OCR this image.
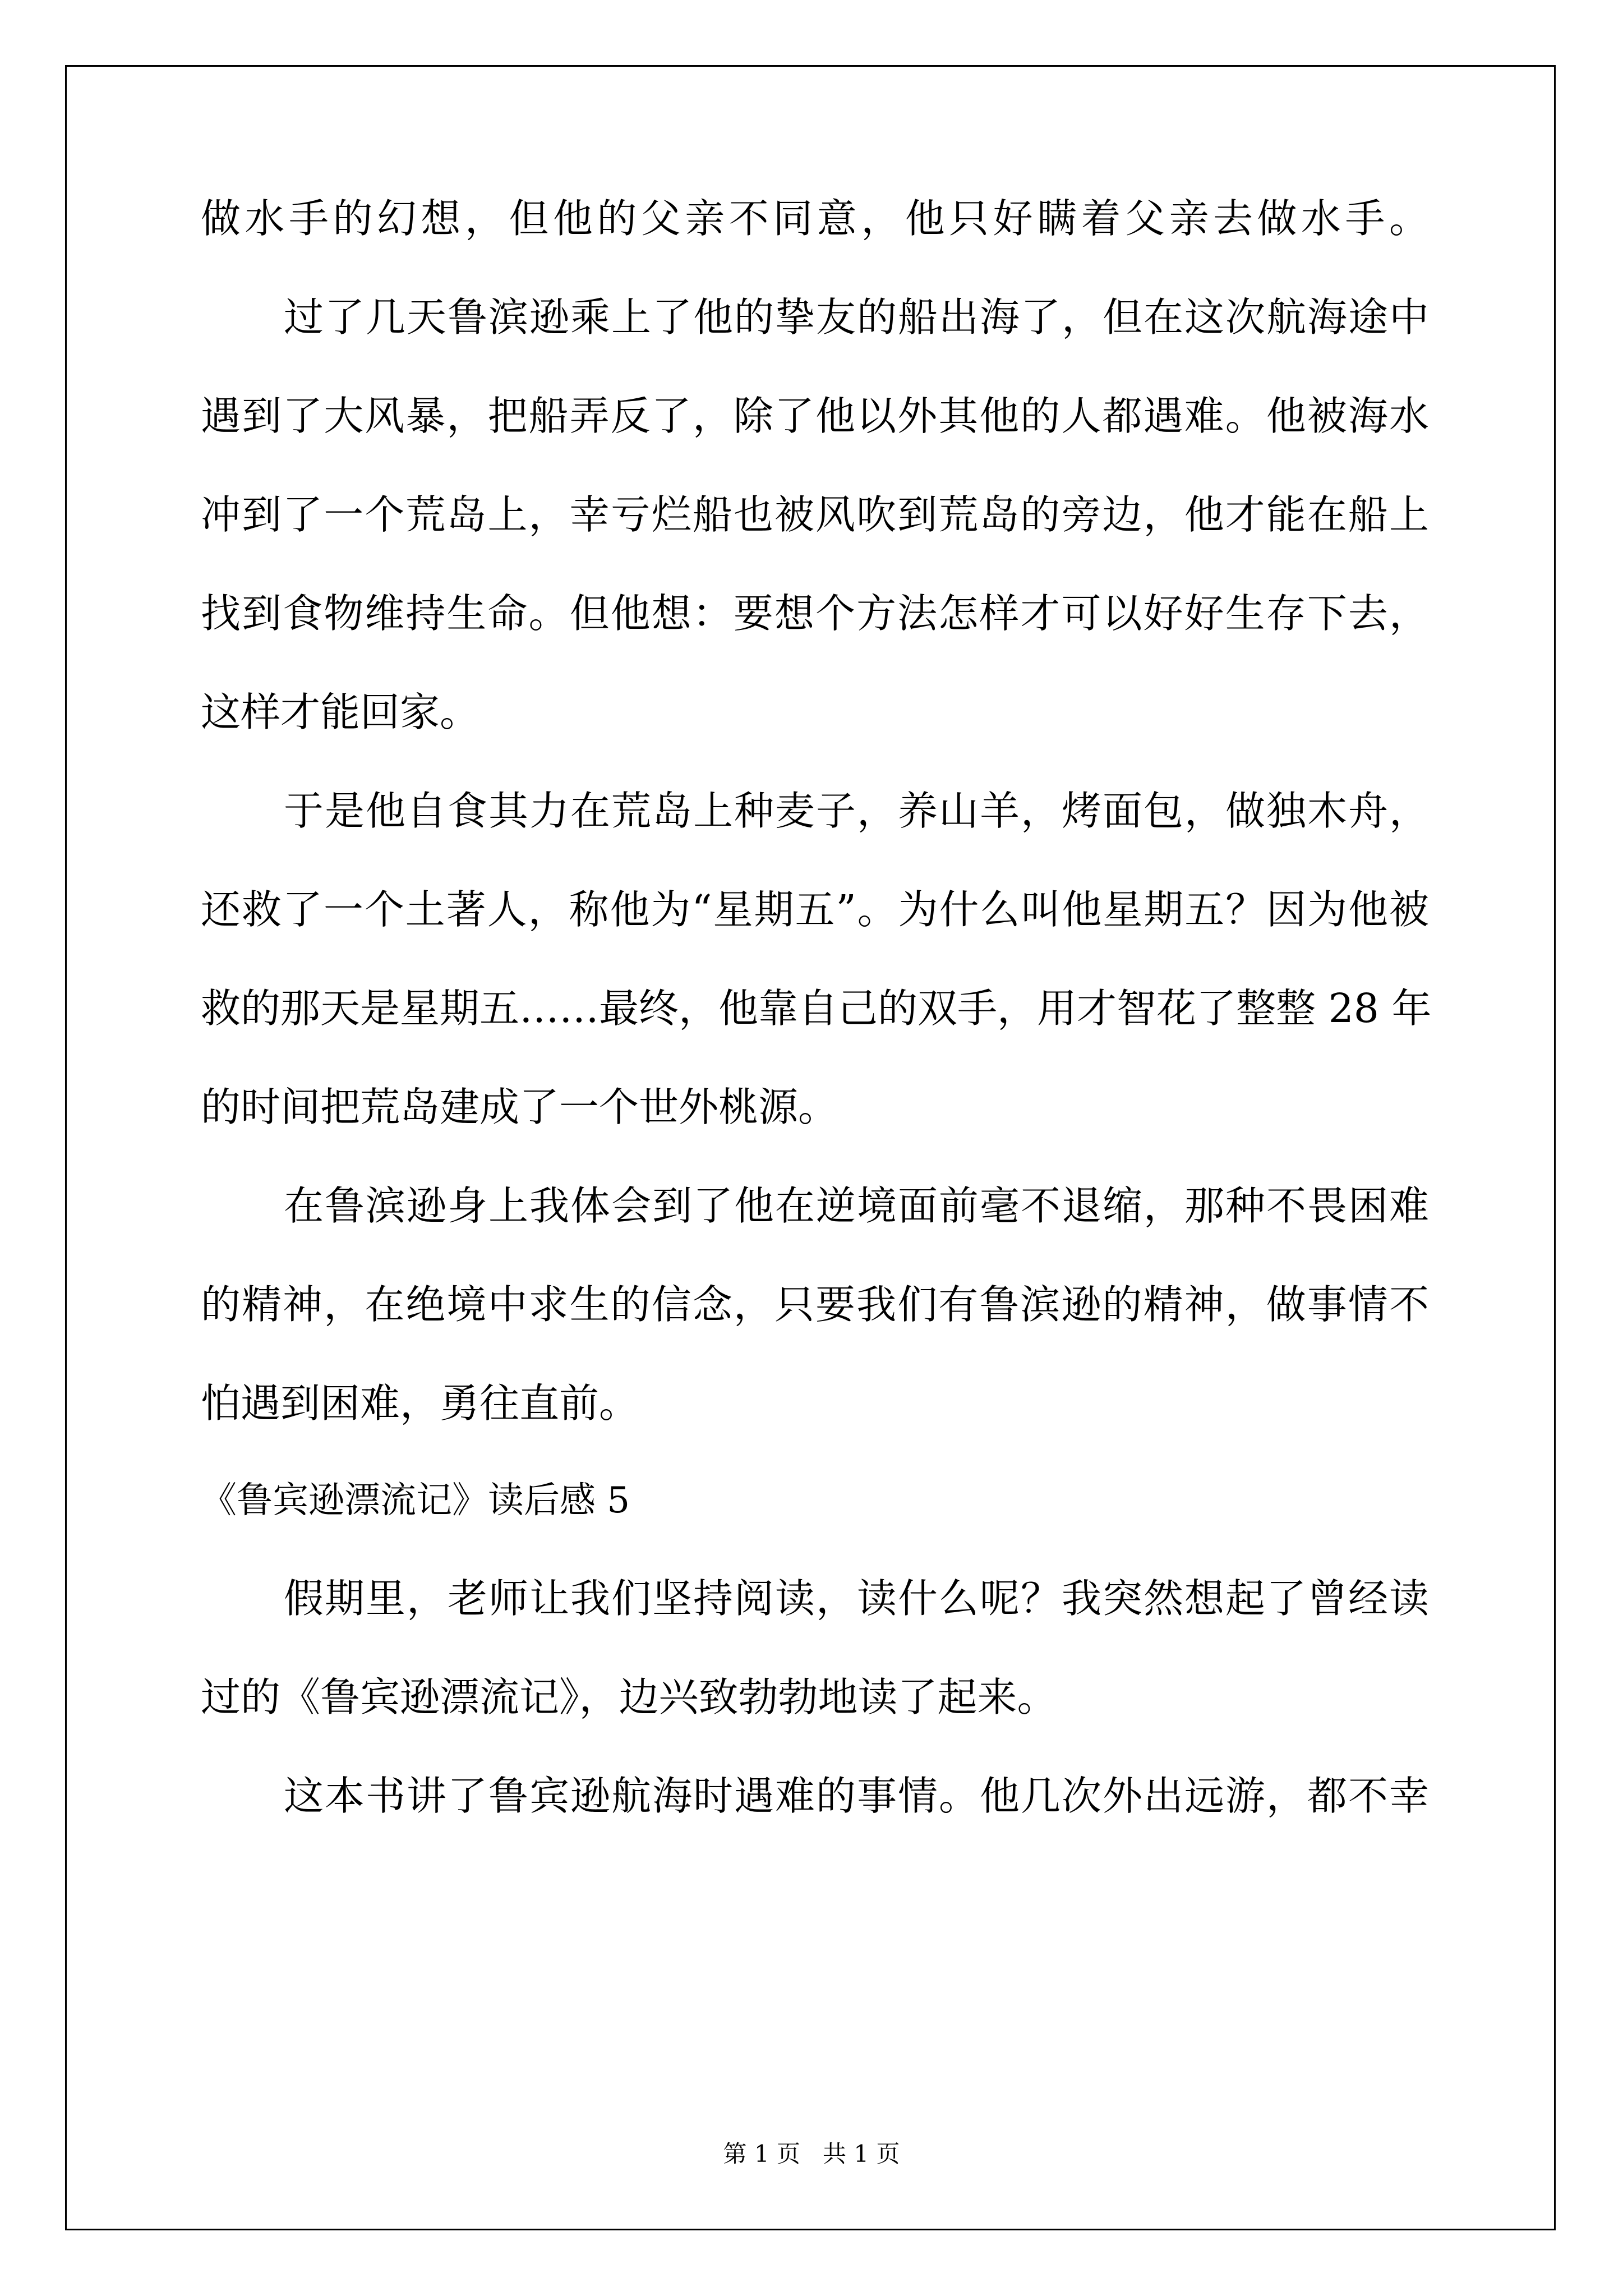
做水手的幻想，但他的父亲不同意，他只好瞒着父亲去做水手。
过了几天鲁滨逊乘上了他的挚友的船出海了，但在这次航海途中
遇到了大风暴，把船弄反了，除了他以外其他的人都遇难。他被海水
冲到了一个荒岛上，幸亏烂船也被风吹到荒岛的旁边，他才能在船上
找到食物维持生命。但他想：要想个方法怎样才可以好好生存下去，
这样才能回家。
于是他自食其力在荒岛上种麦子，养山羊，烤面包，做独木舟，
还救了一个土著人，称他为“星期五”。为什么叫他星期五？因为他被
救的那天是星期五……最终，他靠自己的双手，用才智花了整整 28 年
的时间把荒岛建成了一个世外桃源。
在鲁滨逊身上我体会到了他在逆境面前毫不退缩，那种不畏困难
的精神，在绝境中求生的信念，只要我们有鲁滨逊的精神，做事情不
怕遇到困难，勇往直前。
《鲁宾逊漂流记》读后感 5
假期里，老师让我们坚持阅读，读什么呢？我突然想起了曾经读
过的《鲁宾逊漂流记》，边兴致勃勃地读了起来。
这本书讲了鲁宾逊航海时遇难的事情。他几次外出远游，都不幸
第 1 页   共 1 页
